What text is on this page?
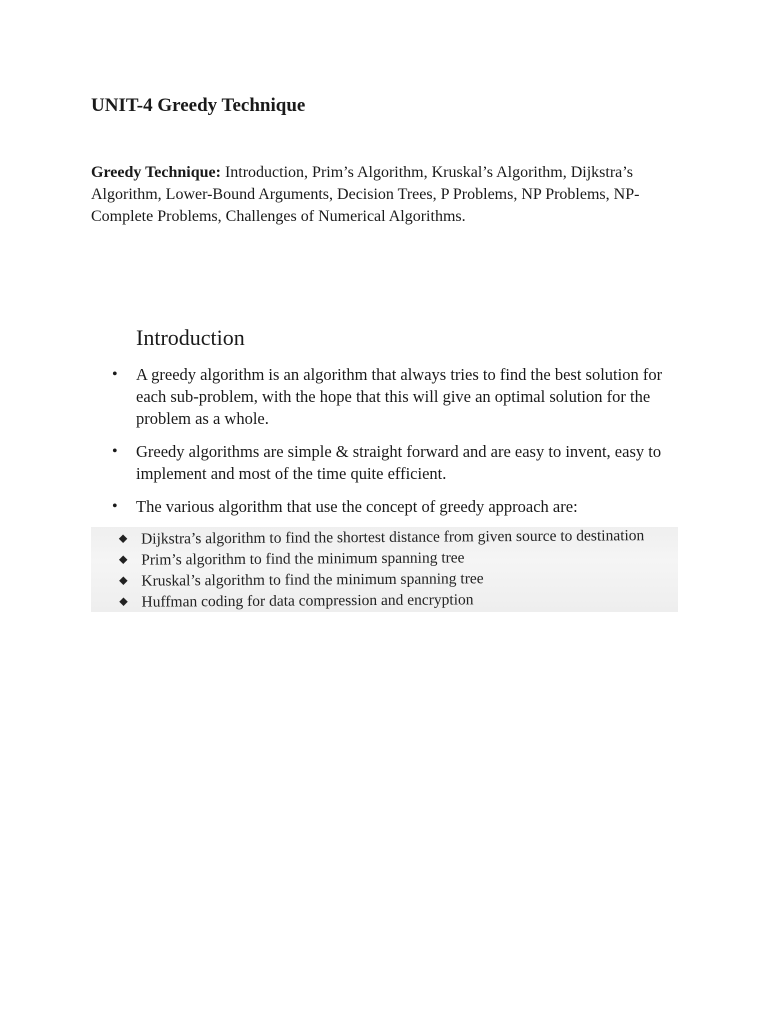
UNIT-4 Greedy Technique

Greedy Technique: Introduction, Prim’s Algorithm, Kruskal’s Algorithm, Dijkstra’s Algorithm, Lower-Bound Arguments, Decision Trees, P Problems, NP Problems, NP-Complete Problems, Challenges of Numerical Algorithms.

Introduction
• A greedy algorithm is an algorithm that always tries to find the best solution for each sub-problem, with the hope that this will give an optimal solution for the problem as a whole.
• Greedy algorithms are simple & straight forward and are easy to invent, easy to implement and most of the time quite efficient.
• The various algorithm that use the concept of greedy approach are:
Dijkstra’s algorithm to find the shortest distance from given source to destination
Prim’s algorithm to find the minimum spanning tree
Kruskal’s algorithm to find the minimum spanning tree
Huffman coding for data compression and encryption
